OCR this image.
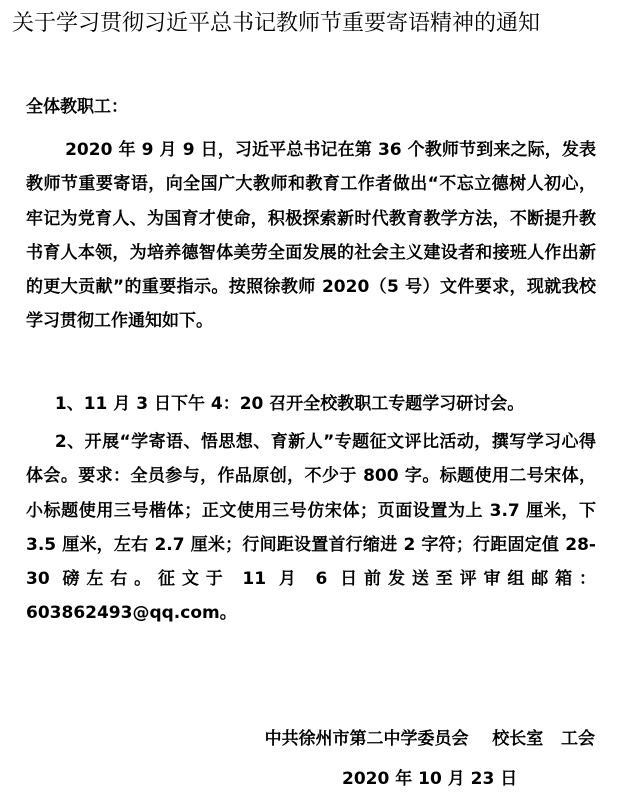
关于学习贯彻习近平总书记教师节重要寄语精神的通知
全体教职工：

2020 年 9 月 9 日，习近平总书记在第 36 个教师节到来之际，发表教师节重要寄语，向全国广大教师和教育工作者做出“不忘立德树人初心，牢记为党育人、为国育才使命，积极探索新时代教育教学方法，不断提升教书育人本领，为培养德智体美劳全面发展的社会主义建设者和接班人作出新的更大贡献”的重要指示。按照徐教师 2020（5 号）文件要求，现就我校学习贯彻工作通知如下。

1、11 月 3 日下午 4：20 召开全校教职工专题学习研讨会。

2、开展“学寄语、悟思想、育新人”专题征文评比活动，撰写学习心得体会。要求：全员参与，作品原创，不少于 800 字。标题使用二号宋体，小标题使用三号楷体；正文使用三号仿宋体；页面设置为上 3.7 厘米，下 3.5 厘米，左右 2.7 厘米；行间距设置首行缩进 2 字符；行距固定值 28-30 磅左右。征文于 11 月 6 日前发送至评审组邮箱：603862493@qq.com。

中共徐州市第二中学委员会    校长室   工会
2020 年 10 月 23 日
